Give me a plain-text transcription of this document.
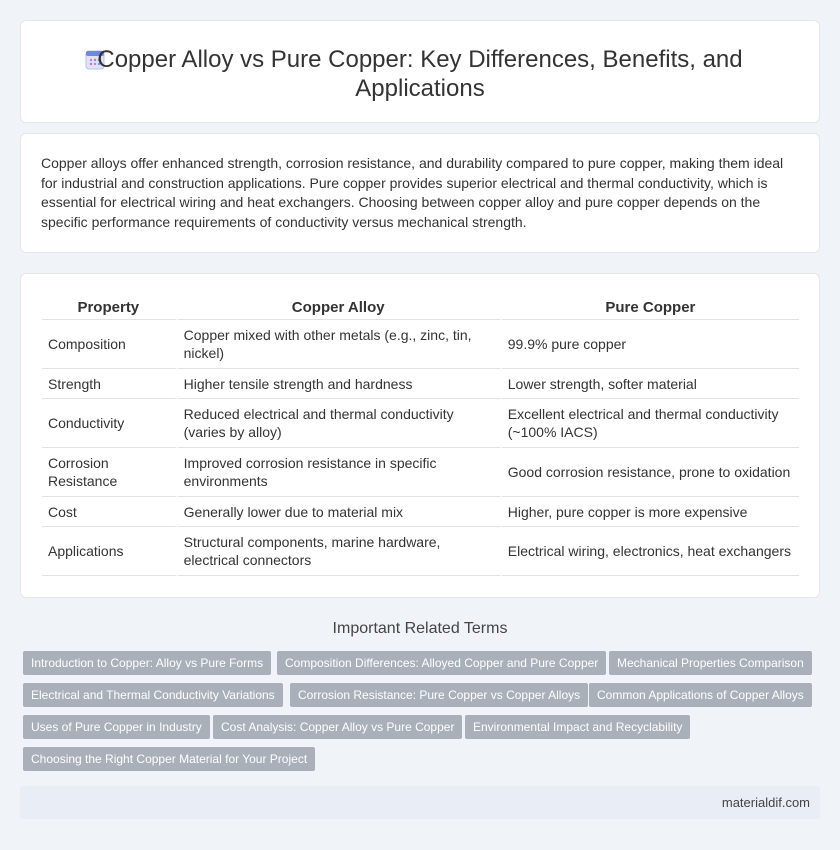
Copper Alloy vs Pure Copper: Key Differences, Benefits, and Applications

Copper alloys offer enhanced strength, corrosion resistance, and durability compared to pure copper, making them ideal for industrial and construction applications. Pure copper provides superior electrical and thermal conductivity, which is essential for electrical wiring and heat exchangers. Choosing between copper alloy and pure copper depends on the specific performance requirements of conductivity versus mechanical strength.

Property	Copper Alloy	Pure Copper
Composition	Copper mixed with other metals (e.g., zinc, tin, nickel)	99.9% pure copper
Strength	Higher tensile strength and hardness	Lower strength, softer material
Conductivity	Reduced electrical and thermal conductivity (varies by alloy)	Excellent electrical and thermal conductivity (~100% IACS)
Corrosion Resistance	Improved corrosion resistance in specific environments	Good corrosion resistance, prone to oxidation
Cost	Generally lower due to material mix	Higher, pure copper is more expensive
Applications	Structural components, marine hardware, electrical connectors	Electrical wiring, electronics, heat exchangers
Important Related Terms
Introduction to Copper: Alloy vs Pure Forms	Composition Differences: Alloyed Copper and Pure Copper	Mechanical Properties Comparison
Electrical and Thermal Conductivity Variations	Corrosion Resistance: Pure Copper vs Copper Alloys	Common Applications of Copper Alloys
Uses of Pure Copper in Industry	Cost Analysis: Copper Alloy vs Pure Copper	Environmental Impact and Recyclability
Choosing the Right Copper Material for Your Project
materialdif.com
